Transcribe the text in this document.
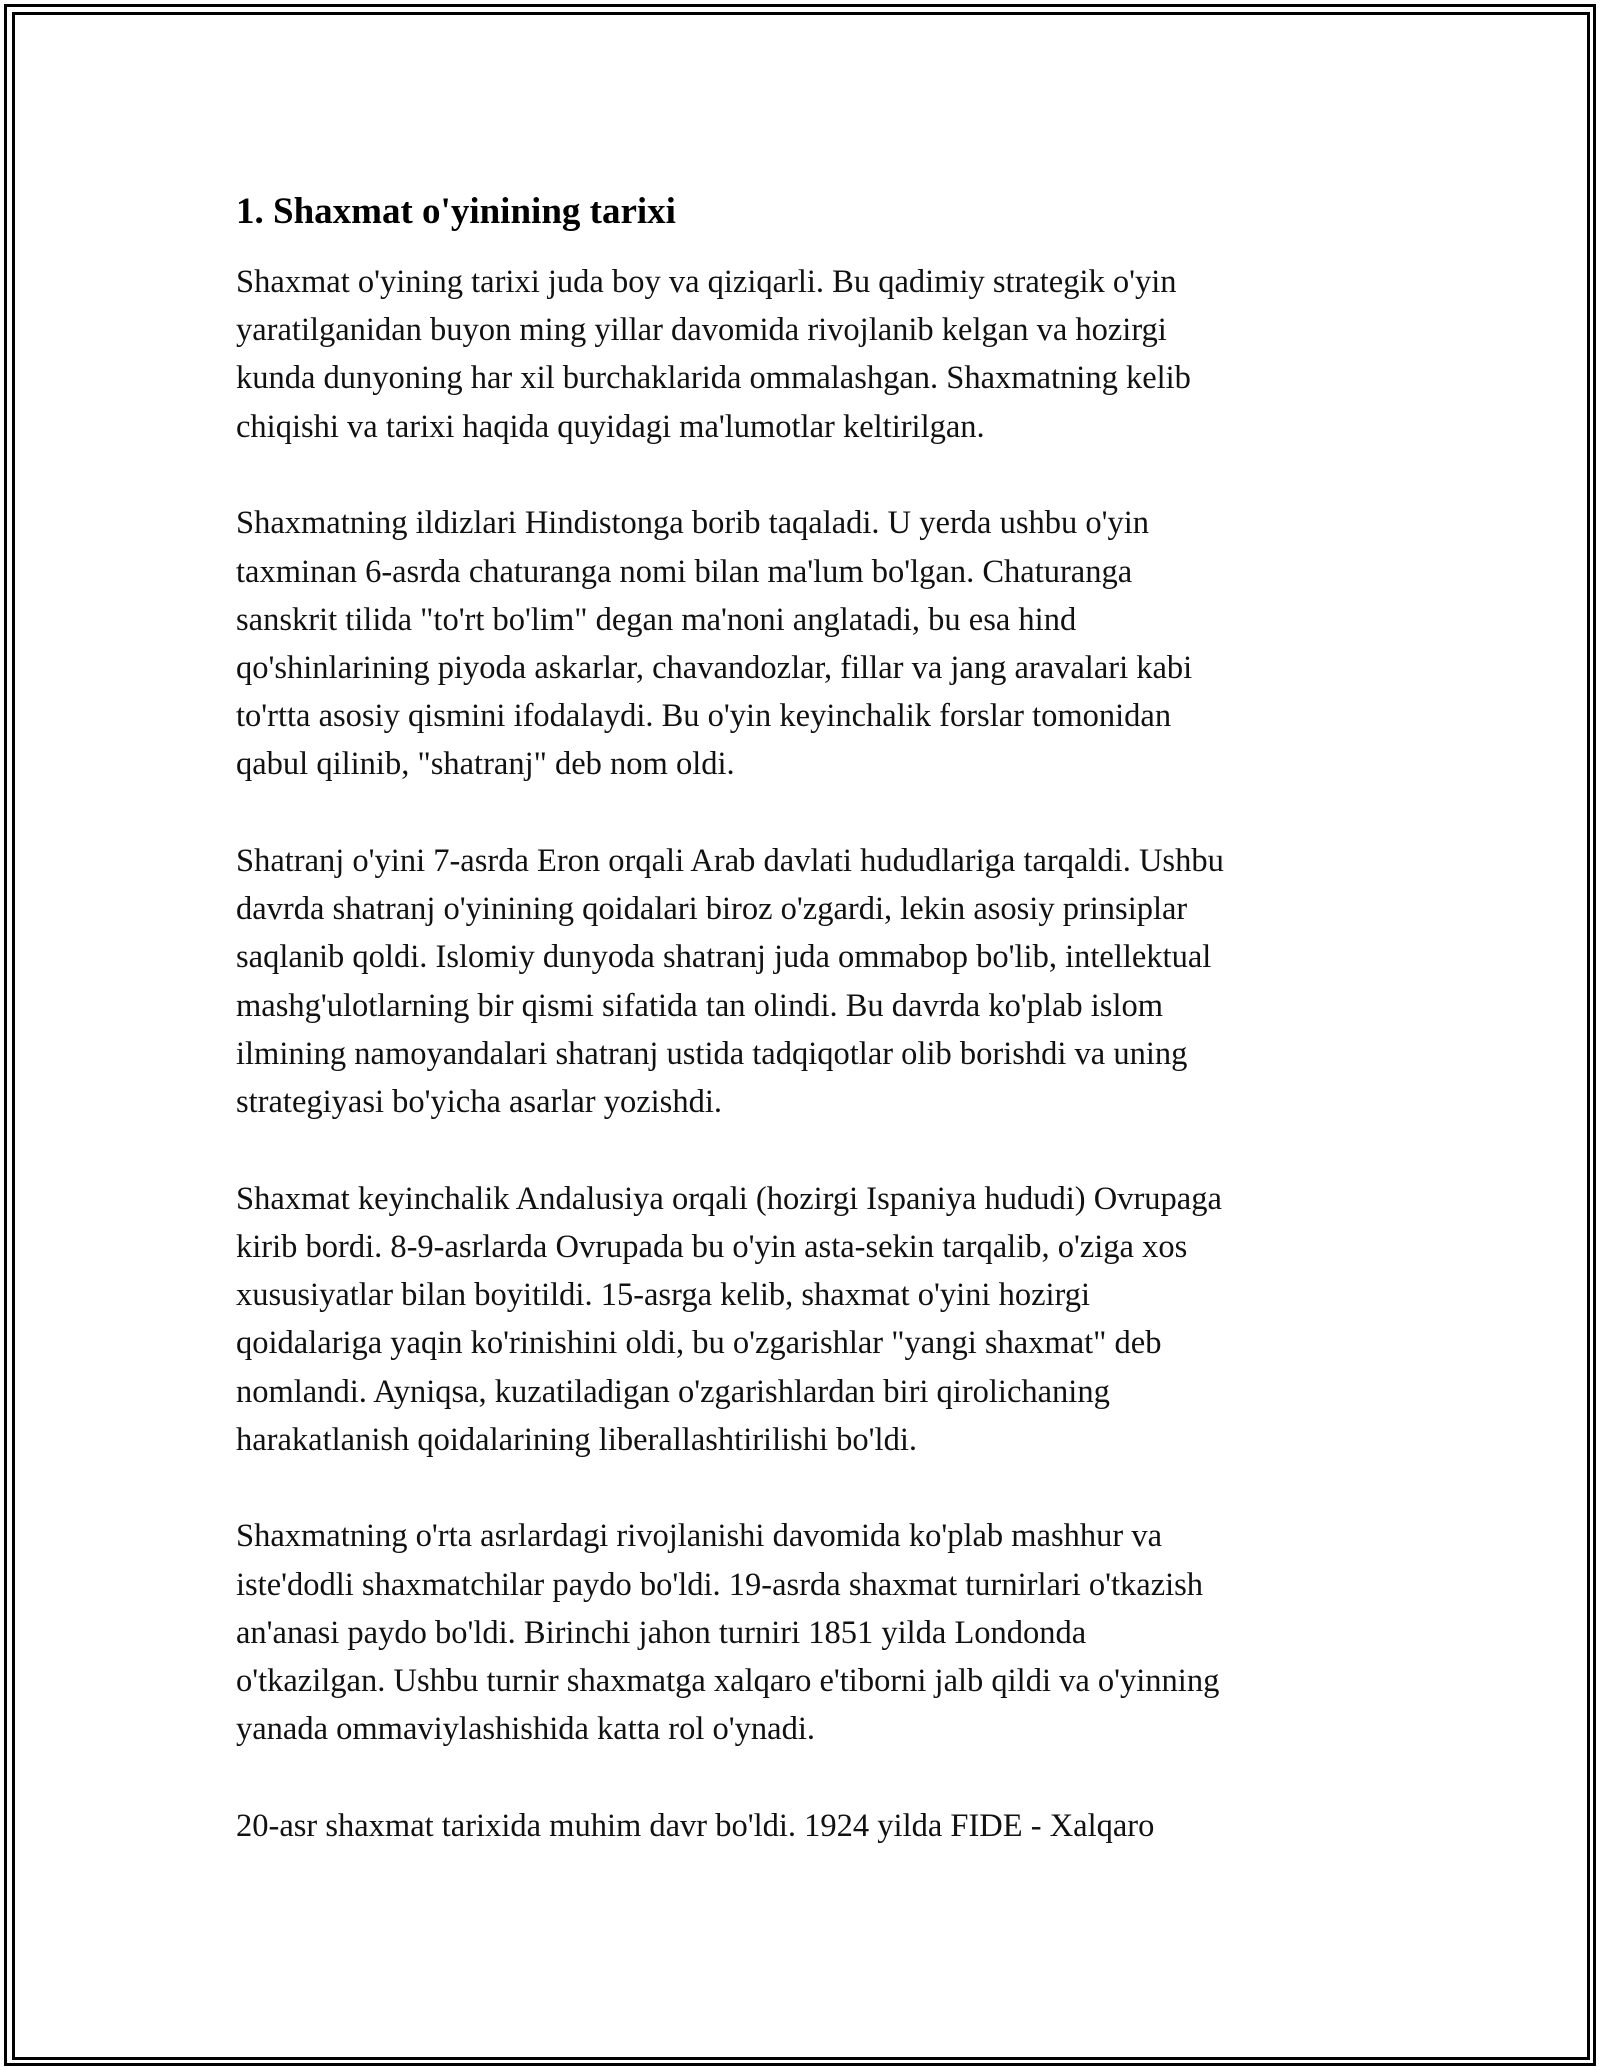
1. Shaxmat o'yinining tarixi

Shaxmat o'yining tarixi juda boy va qiziqarli. Bu qadimiy strategik o'yin
yaratilganidan buyon ming yillar davomida rivojlanib kelgan va hozirgi
kunda dunyoning har xil burchaklarida ommalashgan. Shaxmatning kelib
chiqishi va tarixi haqida quyidagi ma'lumotlar keltirilgan.

Shaxmatning ildizlari Hindistonga borib taqaladi. U yerda ushbu o'yin
taxminan 6-asrda chaturanga nomi bilan ma'lum bo'lgan. Chaturanga
sanskrit tilida "to'rt bo'lim" degan ma'noni anglatadi, bu esa hind
qo'shinlarining piyoda askarlar, chavandozlar, fillar va jang aravalari kabi
to'rtta asosiy qismini ifodalaydi. Bu o'yin keyinchalik forslar tomonidan
qabul qilinib, "shatranj" deb nom oldi.

Shatranj o'yini 7-asrda Eron orqali Arab davlati hududlariga tarqaldi. Ushbu
davrda shatranj o'yinining qoidalari biroz o'zgardi, lekin asosiy prinsiplar
saqlanib qoldi. Islomiy dunyoda shatranj juda ommabop bo'lib, intellektual
mashg'ulotlarning bir qismi sifatida tan olindi. Bu davrda ko'plab islom
ilmining namoyandalari shatranj ustida tadqiqotlar olib borishdi va uning
strategiyasi bo'yicha asarlar yozishdi.

Shaxmat keyinchalik Andalusiya orqali (hozirgi Ispaniya hududi) Ovrupaga
kirib bordi. 8-9-asrlarda Ovrupada bu o'yin asta-sekin tarqalib, o'ziga xos
xususiyatlar bilan boyitildi. 15-asrga kelib, shaxmat o'yini hozirgi
qoidalariga yaqin ko'rinishini oldi, bu o'zgarishlar "yangi shaxmat" deb
nomlandi. Ayniqsa, kuzatiladigan o'zgarishlardan biri qirolichaning
harakatlanish qoidalarining liberallashtirilishi bo'ldi.

Shaxmatning o'rta asrlardagi rivojlanishi davomida ko'plab mashhur va
iste'dodli shaxmatchilar paydo bo'ldi. 19-asrda shaxmat turnirlari o'tkazish
an'anasi paydo bo'ldi. Birinchi jahon turniri 1851 yilda Londonda
o'tkazilgan. Ushbu turnir shaxmatga xalqaro e'tiborni jalb qildi va o'yinning
yanada ommaviylashishida katta rol o'ynadi.

20-asr shaxmat tarixida muhim davr bo'ldi. 1924 yilda FIDE - Xalqaro
